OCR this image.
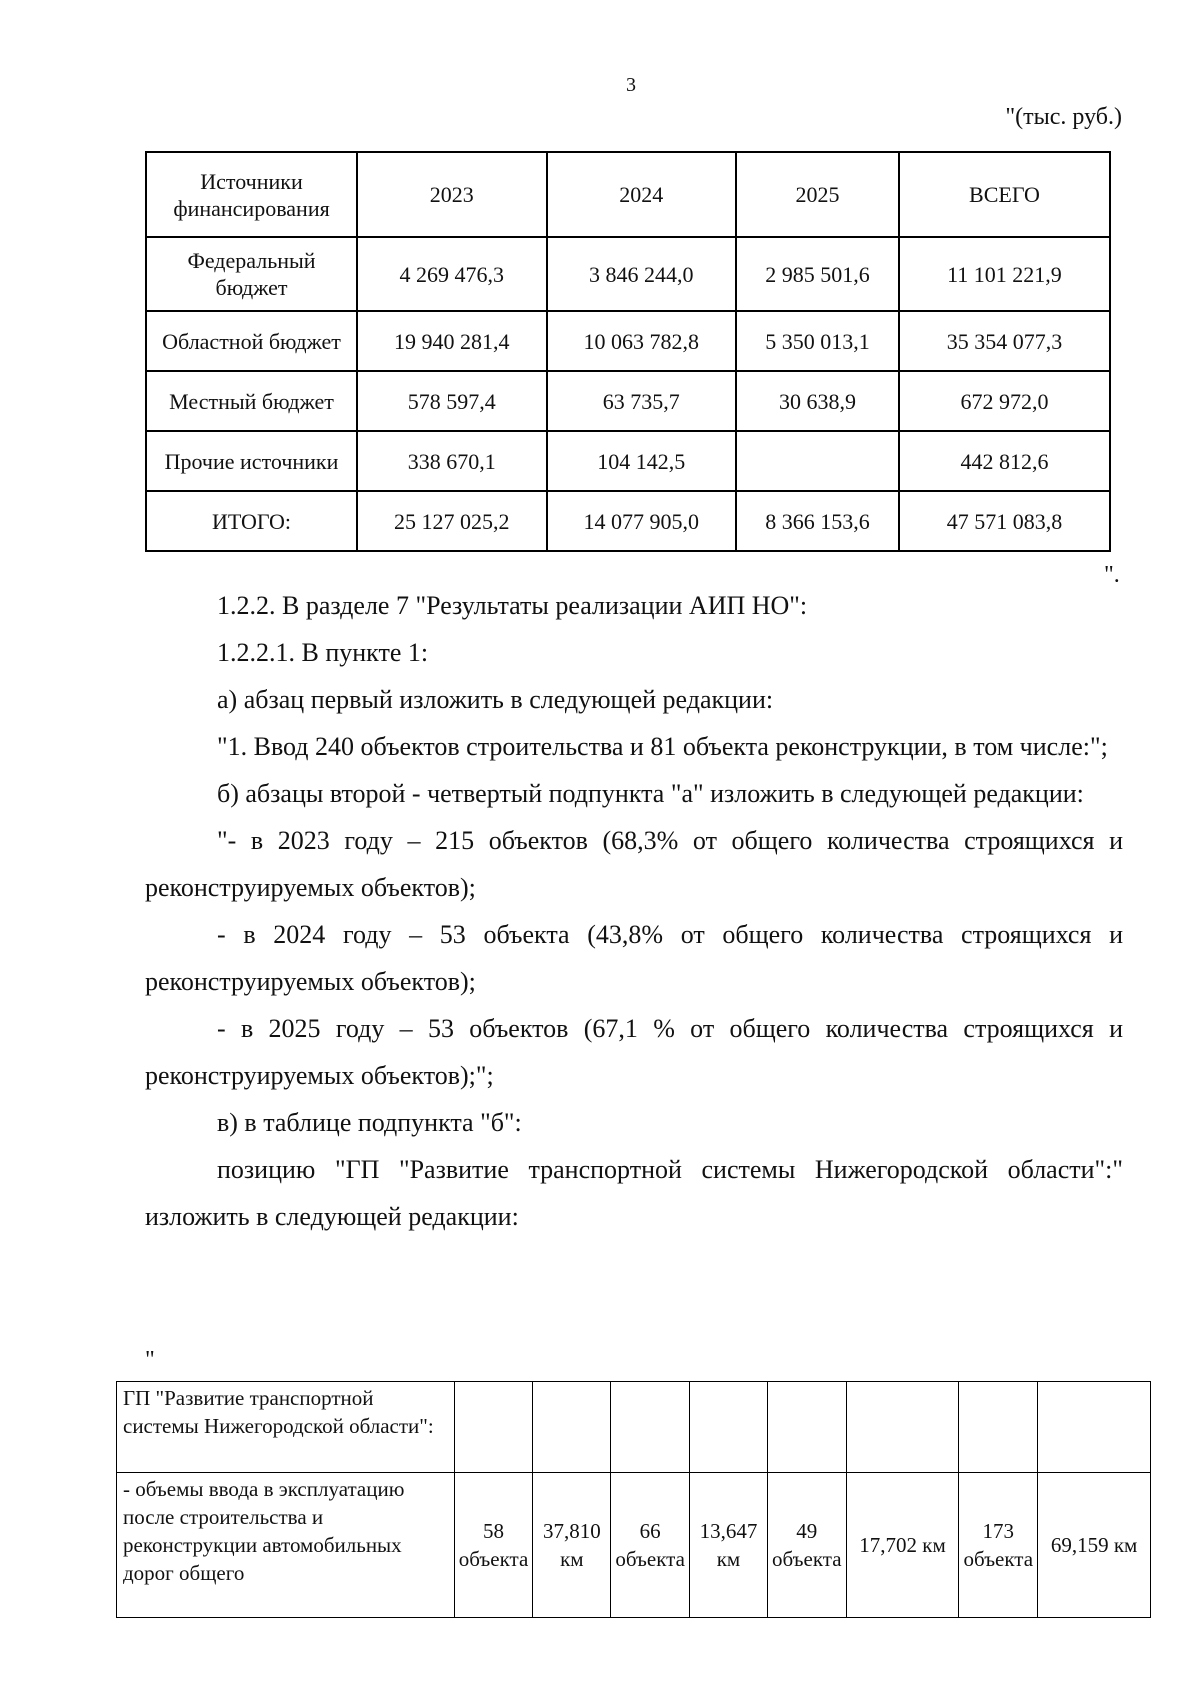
3
"(тыс. руб.)
Источники финансирования	2023	2024	2025	ВСЕГО
Федеральный бюджет	4 269 476,3	3 846 244,0	2 985 501,6	11 101 221,9
Областной бюджет	19 940 281,4	10 063 782,8	5 350 013,1	35 354 077,3
Местный бюджет	578 597,4	63 735,7	30 638,9	672 972,0
Прочие источники	338 670,1	104 142,5		442 812,6
ИТОГО:	25 127 025,2	14 077 905,0	8 366 153,6	47 571 083,8
".

1.2.2. В разделе 7 "Результаты реализации АИП НО":

1.2.2.1. В пункте 1:

а) абзац первый изложить в следующей редакции:

"1. Ввод 240 объектов строительства и 81 объекта реконструкции, в том числе:";

б) абзацы второй - четвертый подпункта "а" изложить в следующей редакции:

"- в 2023 году – 215 объектов (68,3% от общего количества строящихся и реконструируемых объектов);

- в 2024 году – 53 объекта (43,8% от общего количества строящихся и реконструируемых объектов);

- в 2025 году – 53 объектов (67,1 % от общего количества строящихся и реконструируемых объектов);";

в) в таблице подпункта "б":

позицию "ГП "Развитие транспортной системы Нижегородской области":" изложить в следующей редакции:

"
ГП "Развитие транспортной системы Нижегородской области":								
- объемы ввода в эксплуатацию после строительства и реконструкции автомобильных дорог общего	58 объекта	37,810 км	66 объекта	13,647 км	49 объекта	17,702 км	173 объекта	69,159 км
